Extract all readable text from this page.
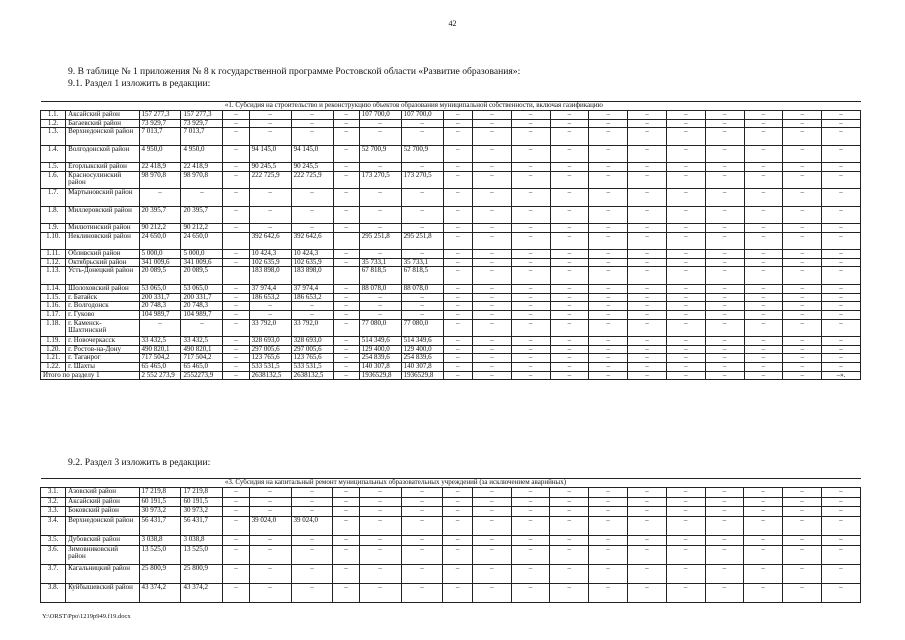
42
9. В таблице № 1 приложения № 8 к государственной программе Ростовской области «Развитие образования»:
9.1. Раздел 1 изложить в редакции:
				«1. Субсидия на строительство и реконструкцию объектов образования муниципальной собственности, включая газификацию																
1.1.	Аксайский район	157 277,3	157 277,3	–	–	–	–	107 700,0	107 700,0	–	–	–	–	–	–	–	–	–	–	–
1.2.	Багаевский район	73 929,7	73 929,7	–	–	–	–	–	–	–	–	–	–	–	–	–	–	–	–	–
1.3.	Верхнедонской район	7 013,7	7 013,7	–	–	–	–	–	–	–	–	–	–	–	–	–	–	–	–	–
1.4.	Волгодонской район	4 950,0	4 950,0	–	94 145,0	94 145,0	–	52 700,9	52 700,9	–	–	–	–	–	–	–	–	–	–	–
1.5.	Егорлыкский район	22 418,9	22 418,9	–	90 245,5	90 245,5	–	–	–	–	–	–	–	–	–	–	–	–	–	–
1.6.	Красносулинский район	98 970,8	98 970,8	–	222 725,9	222 725,9	–	173 270,5	173 270,5	–	–	–	–	–	–	–	–	–	–	–
1.7.	Мартыновский район	–	–	–	–	–	–	–	–	–	–	–	–	–	–	–	–	–	–	–
1.8.	Миллеровский район	20 395,7	20 395,7	–	–	–	–	–	–	–	–	–	–	–	–	–	–	–	–	–
1.9.	Милютинский район	90 212,2	90 212,2	–	–	–	–	–	–	–	–	–	–	–	–	–	–	–	–	–
1.10.	Неклиновский район	24 650,0	24 650,0		392 642,6	392 642,6		295 251,8	295 251,8	–	–	–	–	–	–	–	–	–	–	–
1.11.	Обливский район	5 000,0	5 000,0	–	10 424,3	10 424,3	–	–	–	–	–	–	–	–	–	–	–	–	–	–
1.12.	Октябрьский район	341 009,6	341 009,6	–	102 635,9	102 635,9	–	35 733,1	35 733,1	–	–	–	–	–	–	–	–	–	–	–
1.13.	Усть-Донецкий район	20 089,5	20 089,5		183 898,0	183 898,0		67 818,5	67 818,5	–	–	–	–	–	–	–	–	–	–	–
1.14.	Шолоховский район	53 065,0	53 065,0	–	37 974,4	37 974,4	–	88 078,0	88 078,0	–	–	–	–	–	–	–	–	–	–	–
1.15.	г. Батайск	200 331,7	200 331,7	–	186 653,2	186 653,2	–	–	–	–	–	–	–	–	–	–	–	–	–	–
1.16.	г. Волгодонск	20 748,3	20 748,3	–	–	–	–	–	–	–	–	–	–	–	–	–	–	–	–	–
1.17.	г. Гуково	104 989,7	104 989,7	–	–	–	–	–	–	–	–	–	–	–	–	–	–	–	–	–
1.18.	г. Каменск-Шахтинский	–	–	–	33 792,0	33 792,0	–	77 080,0	77 080,0	–	–	–	–	–	–	–	–	–	–	–
1.19.	г. Новочеркасск	33 432,5	33 432,5	–	328 693,0	328 693,0	–	514 349,6	514 349,6	–	–	–	–	–	–	–	–	–	–	–
1.20.	г. Ростов-на-Дону	490 820,1	490 820,1	–	297 005,6	297 005,6	–	129 400,0	129 400,0	–	–	–	–	–	–	–	–	–	–	–
1.21.	г. Таганрог	717 504,2	717 504,2	–	123 765,6	123 765,6	–	254 839,6	254 839,6	–	–	–	–	–	–	–	–	–	–	–
1.22.	г. Шахты	65 465,0	65 465,0	–	533 531,5	533 531,5	–	140 307,8	140 307,8	–	–	–	–	–	–	–	–	–	–	–
Итого по разделу 1		2 552 273,9	2552273,9	–	2638132,5	2638132,5	–	1936529,8	1936529,8	–	–	–	–	–	–	–	–	–	–	–».
9.2. Раздел 3 изложить в редакции:
				«3. Субсидия на капитальный ремонт муниципальных образовательных учреждений (за исключением аварийных)																
3.1.	Азовский район	17 219,8	17 219,8	–	–	–	–	–	–	–	–	–	–	–	–	–	–	–	–	–
3.2.	Аксайский район	60 191,5	60 191,5	–	–	–	–	–	–	–	–	–	–	–	–	–	–	–	–	–
3.3.	Боковский район	30 973,2	30 973,2	–	–	–	–	–	–	–	–	–	–	–	–	–	–	–	–	–
3.4.	Верхнедонской район	56 431,7	56 431,7	–	39 024,0	39 024,0	–	–	–	–	–	–	–	–	–	–	–	–	–	–
3.5.	Дубовский район	3 038,8	3 038,8	–	–	–	–	–	–	–	–	–	–	–	–	–	–	–	–	–
3.6.	Зимовниковский район	13 525,0	13 525,0	–	–	–	–	–	–	–	–	–	–	–	–	–	–	–	–	–
3.7.	Кагальницкий район	25 800,9	25 800,9	–	–	–	–	–	–	–	–	–	–	–	–	–	–	–	–	–
3.8.	Куйбышевский район	43 374,2	43 374,2	–	–	–	–	–	–	–	–	–	–	–	–	–	–	–	–	–
Y:\ORST\Ppo\1219p949.f19.docx
